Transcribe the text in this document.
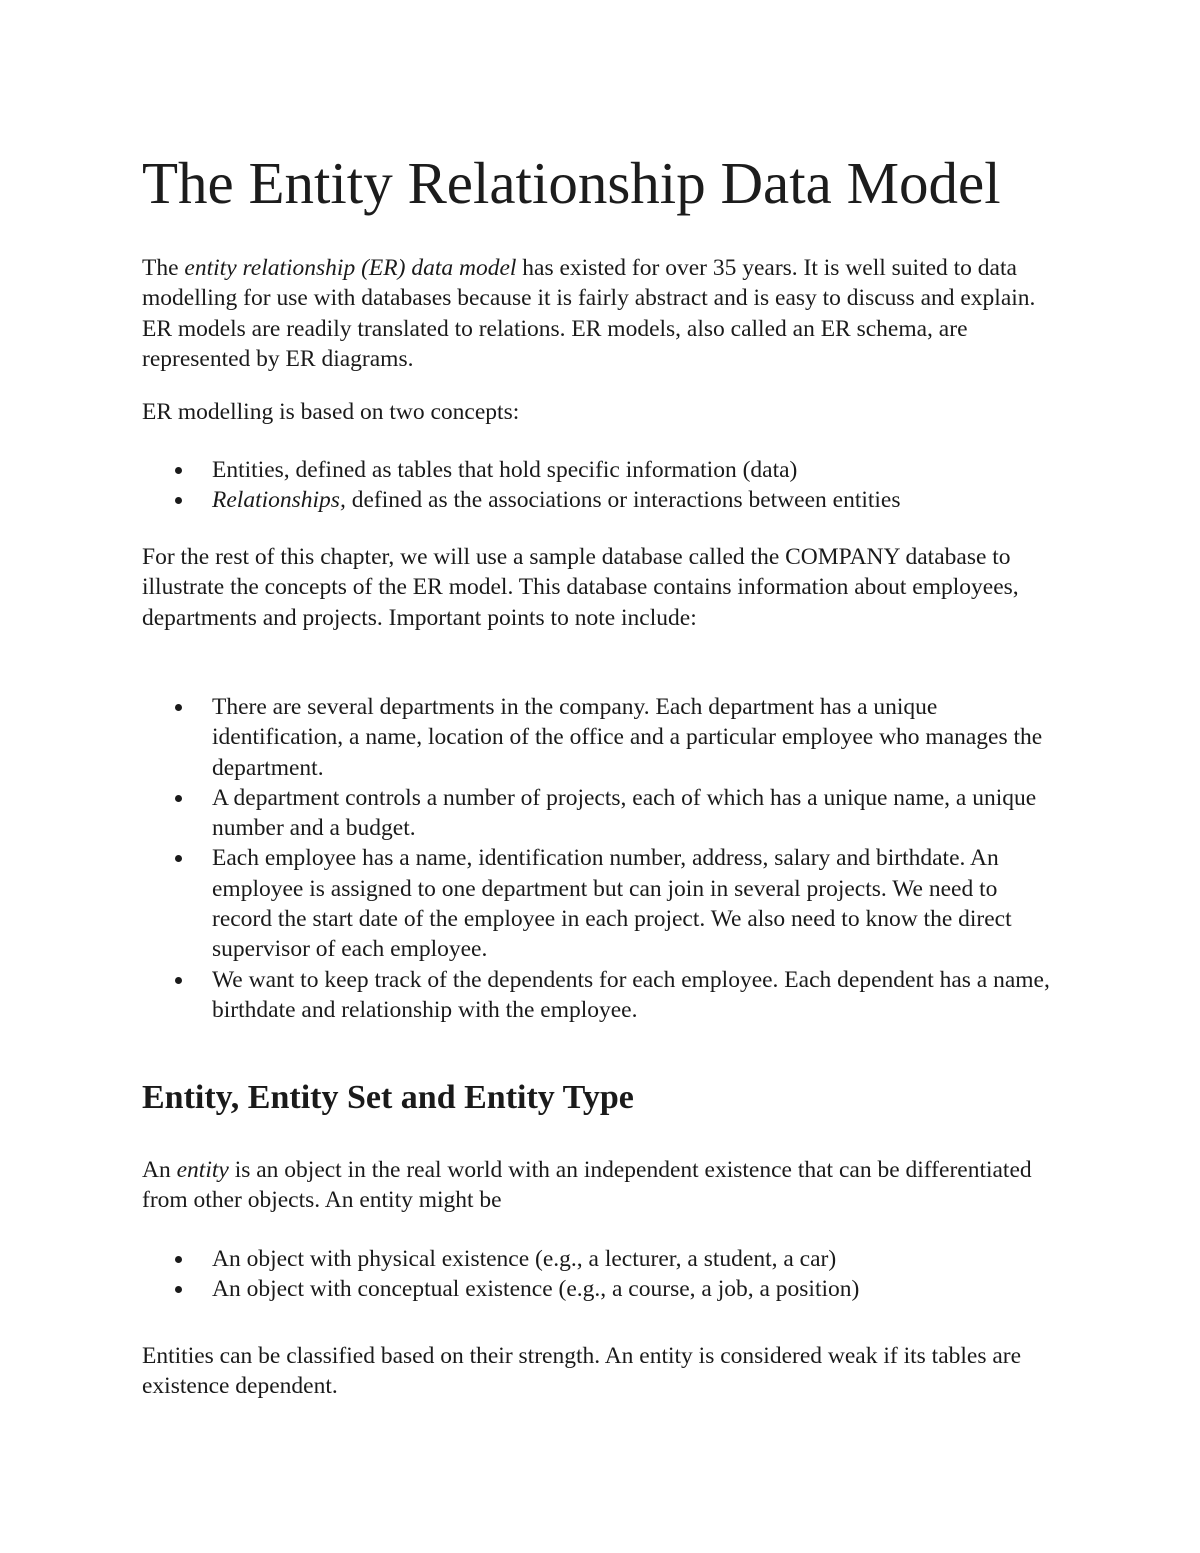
The Entity Relationship Data Model

The entity relationship (ER) data model has existed for over 35 years. It is well suited to data modelling for use with databases because it is fairly abstract and is easy to discuss and explain. ER models are readily translated to relations. ER models, also called an ER schema, are represented by ER diagrams.

ER modelling is based on two concepts:

Entities, defined as tables that hold specific information (data)
Relationships, defined as the associations or interactions between entities

For the rest of this chapter, we will use a sample database called the COMPANY database to illustrate the concepts of the ER model. This database contains information about employees, departments and projects. Important points to note include:

There are several departments in the company. Each department has a unique identification, a name, location of the office and a particular employee who manages the department.
A department controls a number of projects, each of which has a unique name, a unique number and a budget.
Each employee has a name, identification number, address, salary and birthdate. An employee is assigned to one department but can join in several projects. We need to record the start date of the employee in each project. We also need to know the direct supervisor of each employee.
We want to keep track of the dependents for each employee. Each dependent has a name, birthdate and relationship with the employee.
Entity, Entity Set and Entity Type

An entity is an object in the real world with an independent existence that can be differentiated from other objects. An entity might be

An object with physical existence (e.g., a lecturer, a student, a car)
An object with conceptual existence (e.g., a course, a job, a position)

Entities can be classified based on their strength. An entity is considered weak if its tables are existence dependent.
